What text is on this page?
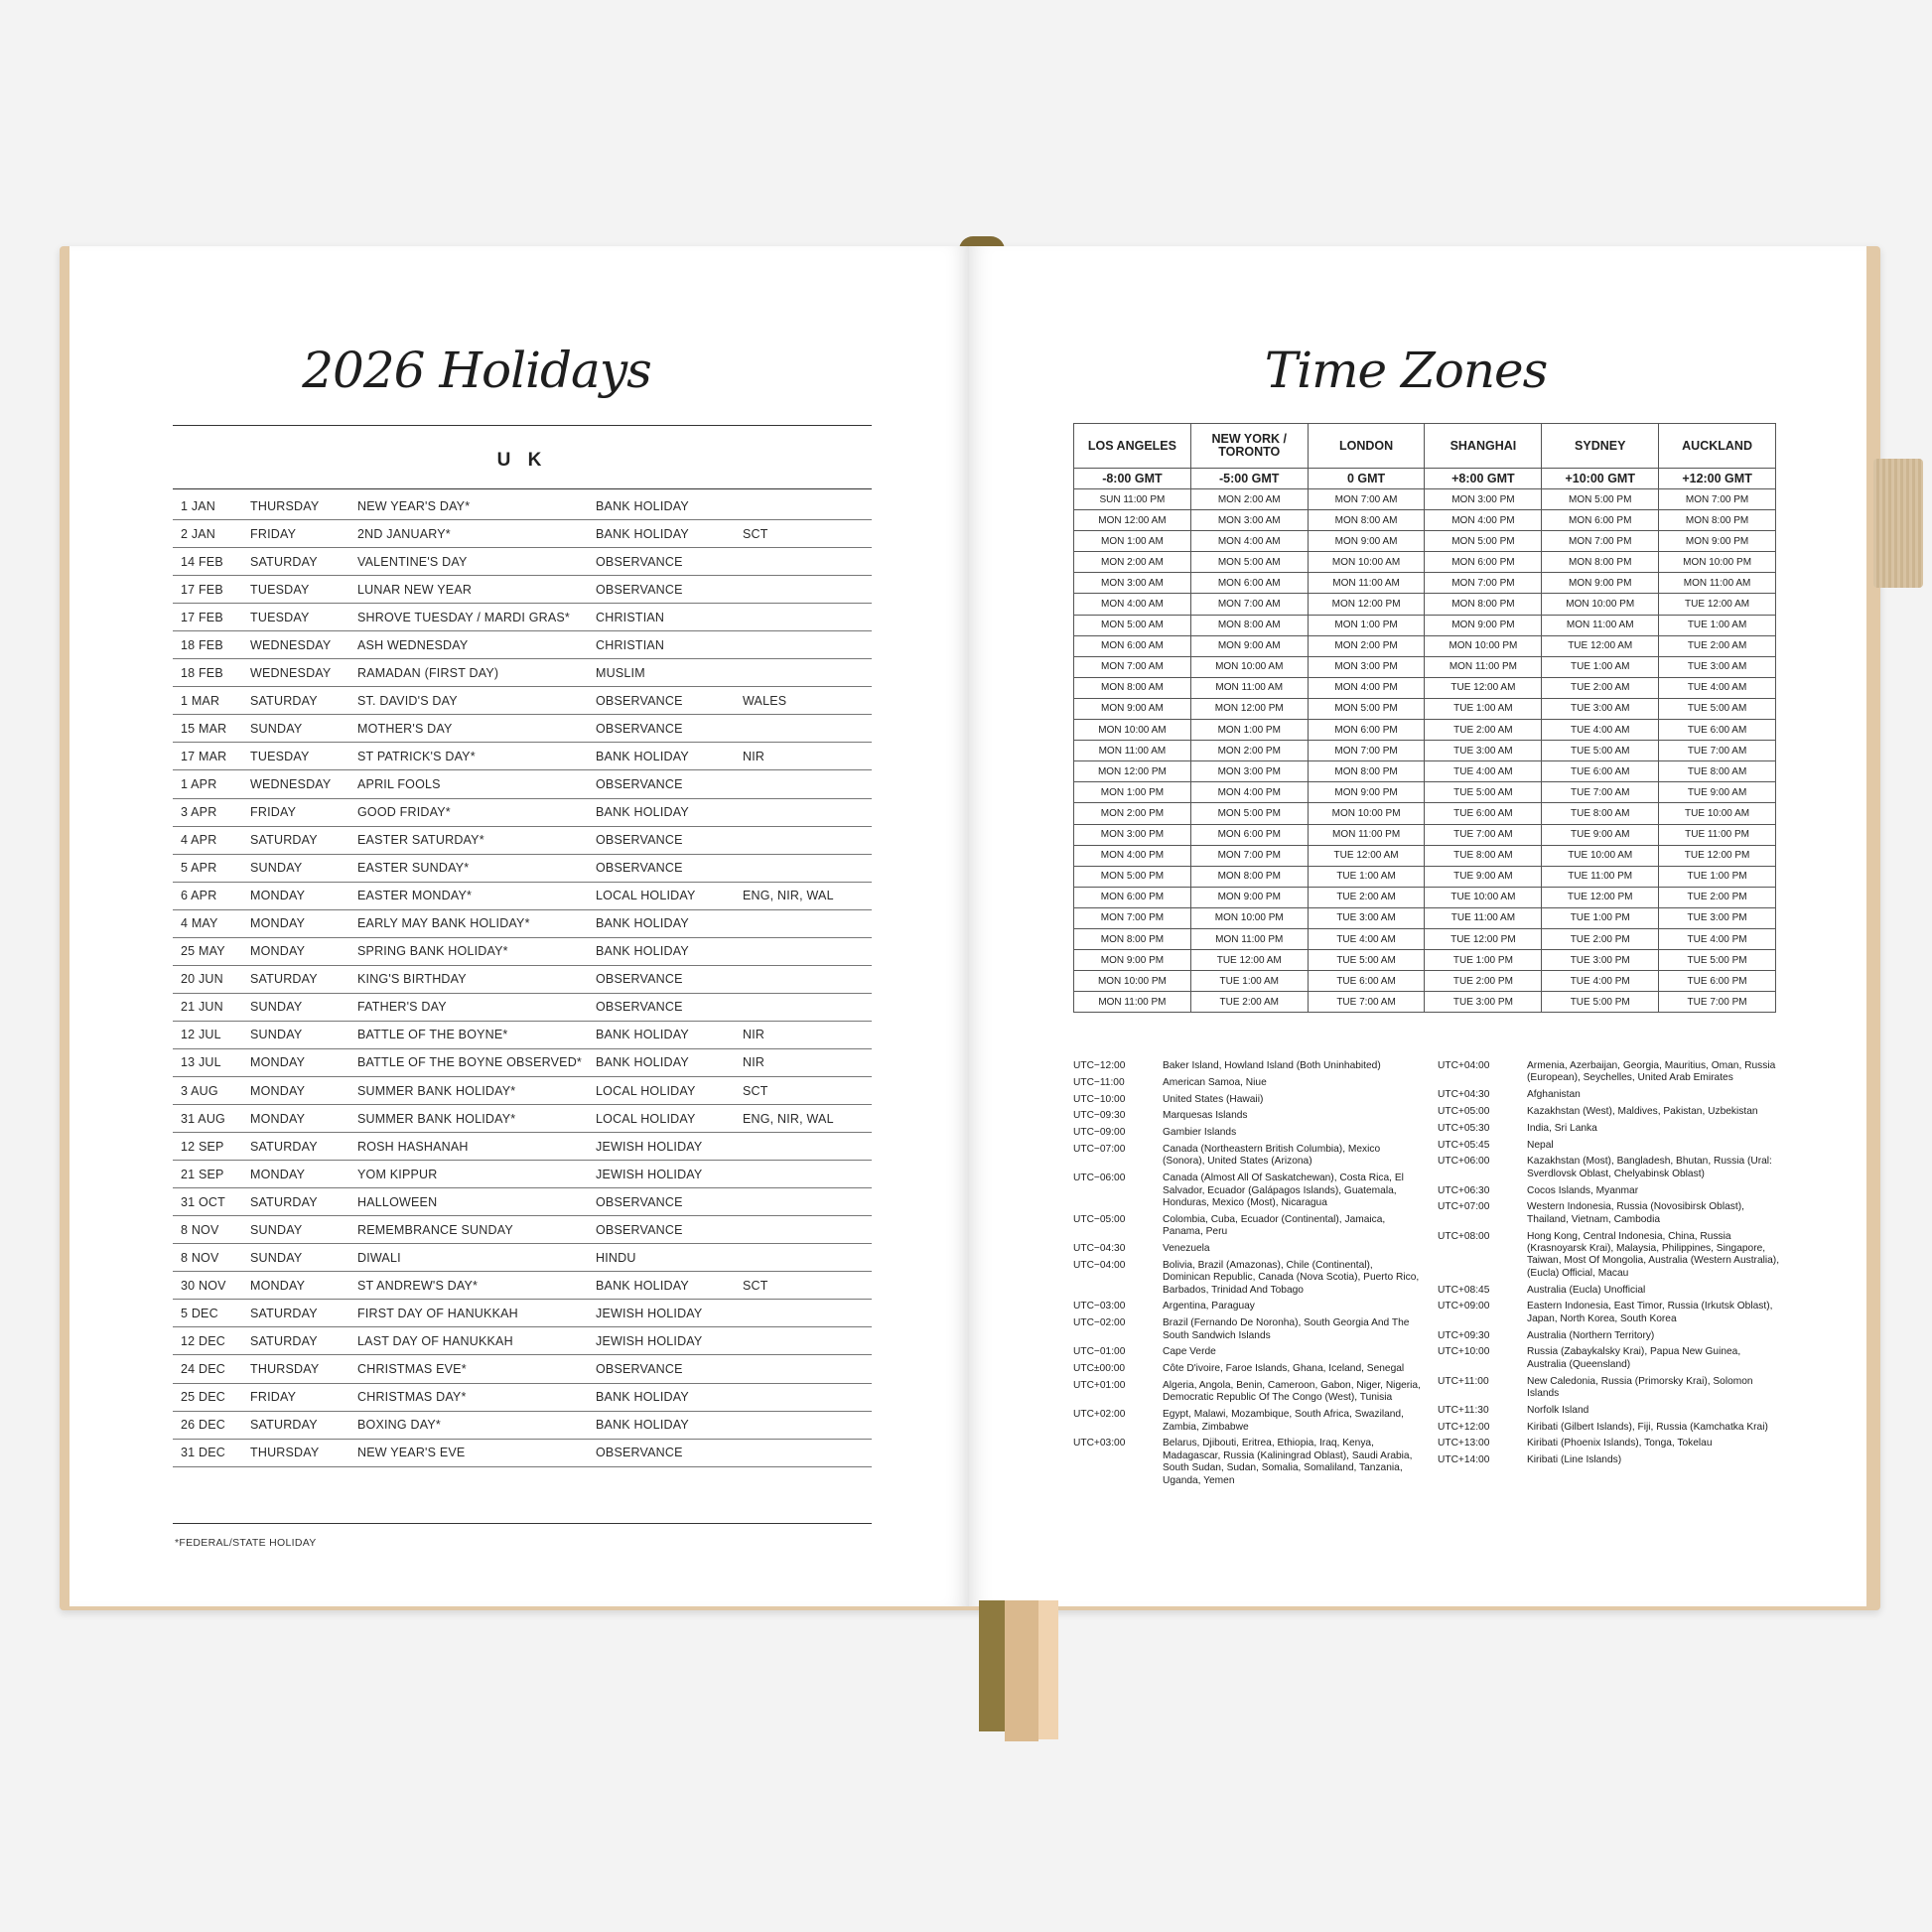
2026 Holidays
U K
1 JAN	THURSDAY	NEW YEAR'S DAY*	BANK HOLIDAY	
2 JAN	FRIDAY	2ND JANUARY*	BANK HOLIDAY	SCT
14 FEB	SATURDAY	VALENTINE'S DAY	OBSERVANCE	
17 FEB	TUESDAY	LUNAR NEW YEAR	OBSERVANCE	
17 FEB	TUESDAY	SHROVE TUESDAY / MARDI GRAS*	CHRISTIAN	
18 FEB	WEDNESDAY	ASH WEDNESDAY	CHRISTIAN	
18 FEB	WEDNESDAY	RAMADAN (FIRST DAY)	MUSLIM	
1 MAR	SATURDAY	ST. DAVID'S DAY	OBSERVANCE	WALES
15 MAR	SUNDAY	MOTHER'S DAY	OBSERVANCE	
17 MAR	TUESDAY	ST PATRICK'S DAY*	BANK HOLIDAY	NIR
1 APR	WEDNESDAY	APRIL FOOLS	OBSERVANCE	
3 APR	FRIDAY	GOOD FRIDAY*	BANK HOLIDAY	
4 APR	SATURDAY	EASTER SATURDAY*	OBSERVANCE	
5 APR	SUNDAY	EASTER SUNDAY*	OBSERVANCE	
6 APR	MONDAY	EASTER MONDAY*	LOCAL HOLIDAY	ENG, NIR, WAL
4 MAY	MONDAY	EARLY MAY BANK HOLIDAY*	BANK HOLIDAY	
25 MAY	MONDAY	SPRING BANK HOLIDAY*	BANK HOLIDAY	
20 JUN	SATURDAY	KING'S BIRTHDAY	OBSERVANCE	
21 JUN	SUNDAY	FATHER'S DAY	OBSERVANCE	
12 JUL	SUNDAY	BATTLE OF THE BOYNE*	BANK HOLIDAY	NIR
13 JUL	MONDAY	BATTLE OF THE BOYNE OBSERVED*	BANK HOLIDAY	NIR
3 AUG	MONDAY	SUMMER BANK HOLIDAY*	LOCAL HOLIDAY	SCT
31 AUG	MONDAY	SUMMER BANK HOLIDAY*	LOCAL HOLIDAY	ENG, NIR, WAL
12 SEP	SATURDAY	ROSH HASHANAH	JEWISH HOLIDAY	
21 SEP	MONDAY	YOM KIPPUR	JEWISH HOLIDAY	
31 OCT	SATURDAY	HALLOWEEN	OBSERVANCE	
8 NOV	SUNDAY	REMEMBRANCE SUNDAY	OBSERVANCE	
8 NOV	SUNDAY	DIWALI	HINDU	
30 NOV	MONDAY	ST ANDREW'S DAY*	BANK HOLIDAY	SCT
5 DEC	SATURDAY	FIRST DAY OF HANUKKAH	JEWISH HOLIDAY	
12 DEC	SATURDAY	LAST DAY OF HANUKKAH	JEWISH HOLIDAY	
24 DEC	THURSDAY	CHRISTMAS EVE*	OBSERVANCE	
25 DEC	FRIDAY	CHRISTMAS DAY*	BANK HOLIDAY	
26 DEC	SATURDAY	BOXING DAY*	BANK HOLIDAY	
31 DEC	THURSDAY	NEW YEAR'S EVE	OBSERVANCE	
*FEDERAL/STATE HOLIDAY
Time Zones
LOS ANGELES	NEW YORK / TORONTO	LONDON	SHANGHAI	SYDNEY	AUCKLAND
-8:00 GMT	-5:00 GMT	0 GMT	+8:00 GMT	+10:00 GMT	+12:00 GMT
SUN 11:00 PM	MON 2:00 AM	MON 7:00 AM	MON 3:00 PM	MON 5:00 PM	MON 7:00 PM
MON 12:00 AM	MON 3:00 AM	MON 8:00 AM	MON 4:00 PM	MON 6:00 PM	MON 8:00 PM
MON 1:00 AM	MON 4:00 AM	MON 9:00 AM	MON 5:00 PM	MON 7:00 PM	MON 9:00 PM
MON 2:00 AM	MON 5:00 AM	MON 10:00 AM	MON 6:00 PM	MON 8:00 PM	MON 10:00 PM
MON 3:00 AM	MON 6:00 AM	MON 11:00 AM	MON 7:00 PM	MON 9:00 PM	MON 11:00 AM
MON 4:00 AM	MON 7:00 AM	MON 12:00 PM	MON 8:00 PM	MON 10:00 PM	TUE 12:00 AM
MON 5:00 AM	MON 8:00 AM	MON 1:00 PM	MON 9:00 PM	MON 11:00 AM	TUE 1:00 AM
MON 6:00 AM	MON 9:00 AM	MON 2:00 PM	MON 10:00 PM	TUE 12:00 AM	TUE 2:00 AM
MON 7:00 AM	MON 10:00 AM	MON 3:00 PM	MON 11:00 PM	TUE 1:00 AM	TUE 3:00 AM
MON 8:00 AM	MON 11:00 AM	MON 4:00 PM	TUE 12:00 AM	TUE 2:00 AM	TUE 4:00 AM
MON 9:00 AM	MON 12:00 PM	MON 5:00 PM	TUE 1:00 AM	TUE 3:00 AM	TUE 5:00 AM
MON 10:00 AM	MON 1:00 PM	MON 6:00 PM	TUE 2:00 AM	TUE 4:00 AM	TUE 6:00 AM
MON 11:00 AM	MON 2:00 PM	MON 7:00 PM	TUE 3:00 AM	TUE 5:00 AM	TUE 7:00 AM
MON 12:00 PM	MON 3:00 PM	MON 8:00 PM	TUE 4:00 AM	TUE 6:00 AM	TUE 8:00 AM
MON 1:00 PM	MON 4:00 PM	MON 9:00 PM	TUE 5:00 AM	TUE 7:00 AM	TUE 9:00 AM
MON 2:00 PM	MON 5:00 PM	MON 10:00 PM	TUE 6:00 AM	TUE 8:00 AM	TUE 10:00 AM
MON 3:00 PM	MON 6:00 PM	MON 11:00 PM	TUE 7:00 AM	TUE 9:00 AM	TUE 11:00 PM
MON 4:00 PM	MON 7:00 PM	TUE 12:00 AM	TUE 8:00 AM	TUE 10:00 AM	TUE 12:00 PM
MON 5:00 PM	MON 8:00 PM	TUE 1:00 AM	TUE 9:00 AM	TUE 11:00 PM	TUE 1:00 PM
MON 6:00 PM	MON 9:00 PM	TUE 2:00 AM	TUE 10:00 AM	TUE 12:00 PM	TUE 2:00 PM
MON 7:00 PM	MON 10:00 PM	TUE 3:00 AM	TUE 11:00 AM	TUE 1:00 PM	TUE 3:00 PM
MON 8:00 PM	MON 11:00 PM	TUE 4:00 AM	TUE 12:00 PM	TUE 2:00 PM	TUE 4:00 PM
MON 9:00 PM	TUE 12:00 AM	TUE 5:00 AM	TUE 1:00 PM	TUE 3:00 PM	TUE 5:00 PM
MON 10:00 PM	TUE 1:00 AM	TUE 6:00 AM	TUE 2:00 PM	TUE 4:00 PM	TUE 6:00 PM
MON 11:00 PM	TUE 2:00 AM	TUE 7:00 AM	TUE 3:00 PM	TUE 5:00 PM	TUE 7:00 PM
UTC−12:00	Baker Island, Howland Island (Both Uninhabited)
UTC−11:00	American Samoa, Niue
UTC−10:00	United States (Hawaii)
UTC−09:30	Marquesas Islands
UTC−09:00	Gambier Islands
UTC−07:00	Canada (Northeastern British Columbia), Mexico (Sonora), United States (Arizona)
UTC−06:00	Canada (Almost All Of Saskatchewan), Costa Rica, El Salvador, Ecuador (Galápagos Islands), Guatemala, Honduras, Mexico (Most), Nicaragua
UTC−05:00	Colombia, Cuba, Ecuador (Continental), Jamaica, Panama, Peru
UTC−04:30	Venezuela
UTC−04:00	Bolivia, Brazil (Amazonas), Chile (Continental), Dominican Republic, Canada (Nova Scotia), Puerto Rico, Barbados, Trinidad And Tobago
UTC−03:00	Argentina, Paraguay
UTC−02:00	Brazil (Fernando De Noronha), South Georgia And The South Sandwich Islands
UTC−01:00	Cape Verde
UTC±00:00	Côte D'ivoire, Faroe Islands, Ghana, Iceland, Senegal
UTC+01:00	Algeria, Angola, Benin, Cameroon, Gabon, Niger, Nigeria, Democratic Republic Of The Congo (West), Tunisia
UTC+02:00	Egypt, Malawi, Mozambique, South Africa, Swaziland, Zambia, Zimbabwe
UTC+03:00	Belarus, Djibouti, Eritrea, Ethiopia, Iraq, Kenya, Madagascar, Russia (Kaliningrad Oblast), Saudi Arabia, South Sudan, Sudan, Somalia, Somaliland, Tanzania, Uganda, Yemen
UTC+04:00	Armenia, Azerbaijan, Georgia, Mauritius, Oman, Russia (European), Seychelles, United Arab Emirates
UTC+04:30	Afghanistan
UTC+05:00	Kazakhstan (West), Maldives, Pakistan, Uzbekistan
UTC+05:30	India, Sri Lanka
UTC+05:45	Nepal
UTC+06:00	Kazakhstan (Most), Bangladesh, Bhutan, Russia (Ural: Sverdlovsk Oblast, Chelyabinsk Oblast)
UTC+06:30	Cocos Islands, Myanmar
UTC+07:00	Western Indonesia, Russia (Novosibirsk Oblast), Thailand, Vietnam, Cambodia
UTC+08:00	Hong Kong, Central Indonesia, China, Russia (Krasnoyarsk Krai), Malaysia, Philippines, Singapore, Taiwan, Most Of Mongolia, Australia (Western Australia), (Eucla) Official, Macau
UTC+08:45	Australia (Eucla) Unofficial
UTC+09:00	Eastern Indonesia, East Timor, Russia (Irkutsk Oblast), Japan, North Korea, South Korea
UTC+09:30	Australia (Northern Territory)
UTC+10:00	Russia (Zabaykalsky Krai), Papua New Guinea, Australia (Queensland)
UTC+11:00	New Caledonia, Russia (Primorsky Krai), Solomon Islands
UTC+11:30	Norfolk Island
UTC+12:00	Kiribati (Gilbert Islands), Fiji, Russia (Kamchatka Krai)
UTC+13:00	Kiribati (Phoenix Islands), Tonga, Tokelau
UTC+14:00	Kiribati (Line Islands)
